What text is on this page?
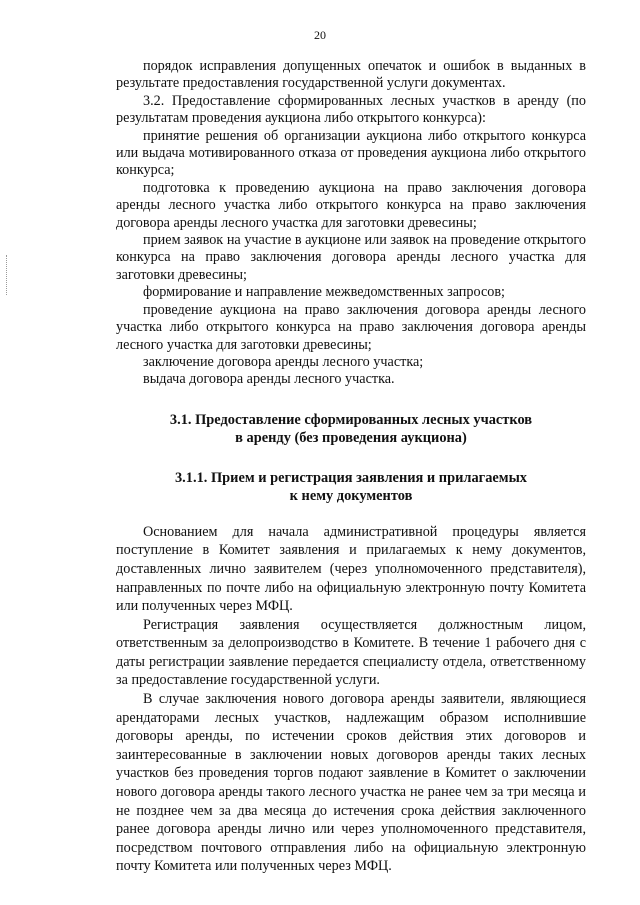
20

порядок исправления допущенных опечаток и ошибок в выданных в результате предоставления государственной услуги документах.

3.2. Предоставление сформированных лесных участков в аренду (по результатам проведения аукциона либо открытого конкурса):

принятие решения об организации аукциона либо открытого конкурса или выдача мотивированного отказа от проведения аукциона либо открытого конкурса;

подготовка к проведению аукциона на право заключения договора аренды лесного участка либо открытого конкурса на право заключения договора аренды лесного участка для заготовки древесины;

прием заявок на участие в аукционе или заявок на проведение открытого конкурса на право заключения договора аренды лесного участка для заготовки древесины;

формирование и направление межведомственных запросов;

проведение аукциона на право заключения договора аренды лесного участка либо открытого конкурса на право заключения договора аренды лесного участка для заготовки древесины;

заключение договора аренды лесного участка;

выдача договора аренды лесного участка.

3.1. Предоставление сформированных лесных участков
в аренду (без проведения аукциона)
3.1.1. Прием и регистрация заявления и прилагаемых
к нему документов

Основанием для начала административной процедуры является поступление в Комитет заявления и прилагаемых к нему документов, доставленных лично заявителем (через уполномоченного представителя), направленных по почте либо на официальную электронную почту Комитета или полученных через МФЦ.

Регистрация заявления осуществляется должностным лицом, ответственным за делопроизводство в Комитете. В течение 1 рабочего дня с даты регистрации заявление передается специалисту отдела, ответственному за предоставление государственной услуги.

В случае заключения нового договора аренды заявители, являющиеся арендаторами лесных участков, надлежащим образом исполнившие договоры аренды, по истечении сроков действия этих договоров и заинтересованные в заключении новых договоров аренды таких лесных участков без проведения торгов подают заявление в Комитет о заключении нового договора аренды такого лесного участка не ранее чем за три месяца и не позднее чем за два месяца до истечения срока действия заключенного ранее договора аренды лично или через уполномоченного представителя, посредством почтового отправления либо на официальную электронную почту Комитета или полученных через МФЦ.
